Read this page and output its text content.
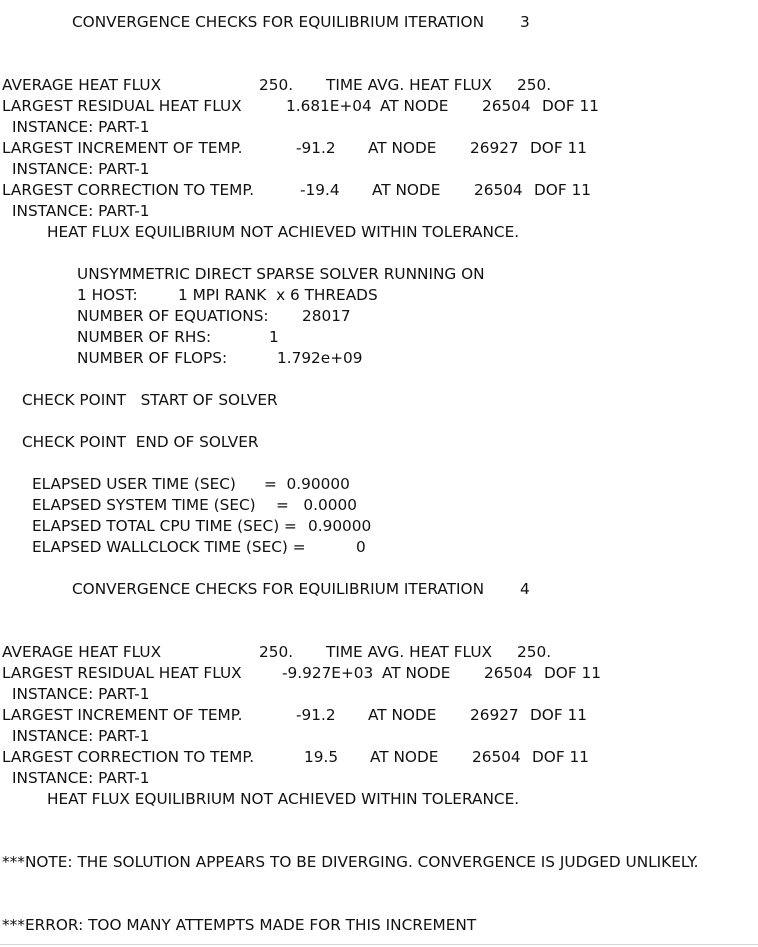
CONVERGENCE CHECKS FOR EQUILIBRIUM ITERATION 3
AVERAGE HEAT FLUX	250. TIME AVG. HEAT FLUX 250.
LARGEST RESIDUAL HEAT FLUX	1.681E+04 AT NODE 26504 DOF 11
INSTANCE: PART-1
LARGEST INCREMENT OF TEMP.	-91.2 AT NODE 26927 DOF 11
INSTANCE: PART-1
LARGEST CORRECTION TO TEMP.	-19.4 AT NODE 26504 DOF 11
INSTANCE: PART-1
HEAT FLUX EQUILIBRIUM NOT ACHIEVED WITHIN TOLERANCE.
UNSYMMETRIC DIRECT SPARSE SOLVER RUNNING ON
1 HOST:	1 MPI RANK  x 6 THREADS
NUMBER OF EQUATIONS: 28017
NUMBER OF RHS:	1
NUMBER OF FLOPS:	1.792e+09
CHECK POINT   START OF SOLVER
CHECK POINT  END OF SOLVER
ELAPSED USER TIME (SEC) =  0.90000
ELAPSED SYSTEM TIME (SEC) =   0.0000
ELAPSED TOTAL CPU TIME (SEC) = 0.90000
ELAPSED WALLCLOCK TIME (SEC) =	0
CONVERGENCE CHECKS FOR EQUILIBRIUM ITERATION 4
AVERAGE HEAT FLUX	250. TIME AVG. HEAT FLUX 250.
LARGEST RESIDUAL HEAT FLUX	-9.927E+03 AT NODE 26504 DOF 11
INSTANCE: PART-1
LARGEST INCREMENT OF TEMP.	-91.2 AT NODE 26927 DOF 11
INSTANCE: PART-1
LARGEST CORRECTION TO TEMP.	19.5 AT NODE 26504 DOF 11
INSTANCE: PART-1
HEAT FLUX EQUILIBRIUM NOT ACHIEVED WITHIN TOLERANCE.
***NOTE: THE SOLUTION APPEARS TO BE DIVERGING. CONVERGENCE IS JUDGED UNLIKELY.
***ERROR: TOO MANY ATTEMPTS MADE FOR THIS INCREMENT
